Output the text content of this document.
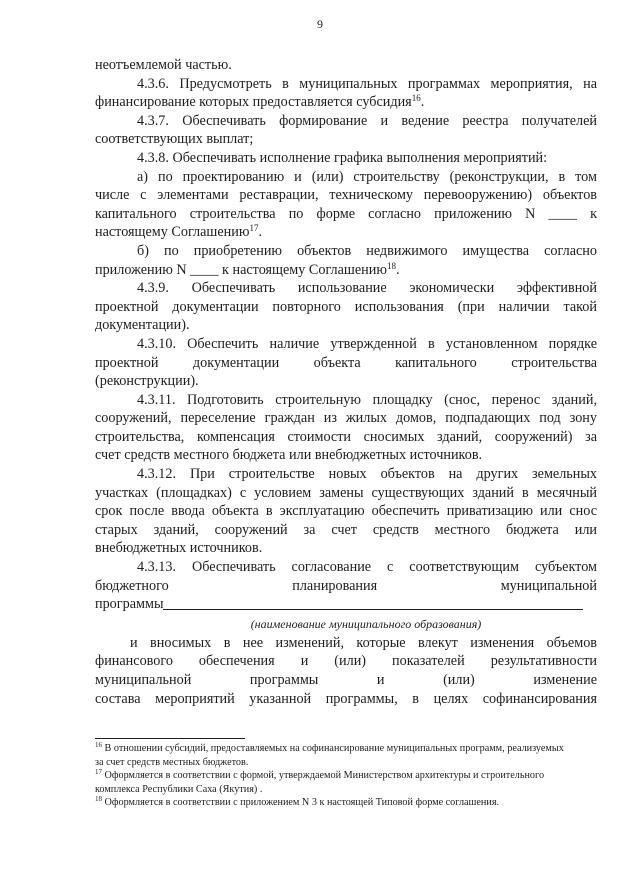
9
неотъемлемой частью.
4.3.6. Предусмотреть в муниципальных программах мероприятия, на
финансирование которых предоставляется субсидия$^{16}$.
4.3.7. Обеспечивать формирование и ведение реестра получателей
соответствующих выплат;
4.3.8. Обеспечивать исполнение графика выполнения мероприятий:
а) по проектированию и (или) строительству (реконструкции, в том
числе с элементами реставрации, техническому перевооружению) объектов
капитального строительства по форме согласно приложению N ____ к
настоящему Соглашению$^{17}$.
б) по приобретению объектов недвижимого имущества согласно
приложению N ____ к настоящему Соглашению$^{18}$.
4.3.9. Обеспечивать использование экономически эффективной
проектной документации повторного использования (при наличии такой
документации).
4.3.10. Обеспечить наличие утвержденной в установленном порядке
проектной документации объекта капитального строительства
(реконструкции).
4.3.11. Подготовить строительную площадку (снос, перенос зданий,
сооружений, переселение граждан из жилых домов, подпадающих под зону
строительства, компенсация стоимости сносимых зданий, сооружений) за
счет средств местного бюджета или внебюджетных источников.
4.3.12. При строительстве новых объектов на других земельных
участках (площадках) с условием замены существующих зданий в месячный
срок после ввода объекта в эксплуатацию обеспечить приватизацию или снос
старых зданий, сооружений за счет средств местного бюджета или
внебюджетных источников.
4.3.13. Обеспечивать согласование с соответствующим субъектом
бюджетного планирования муниципальной
программы
(наименование муниципального образования)
и вносимых в нее изменений, которые влекут изменения объемов
финансового обеспечения и (или) показателей результативности
муниципальной программы и (или) изменение
состава мероприятий указанной программы, в целях софинансирования
$^{16}$ В отношении субсидий, предоставляемых на софинансирование муниципальных программ, реализуемых
за счет средств местных бюджетов.
$^{17}$ Оформляется в соответствии с формой, утверждаемой Министерством архитектуры и строительного
комплекса Республики Саха (Якутия) .
$^{18}$ Оформляется в соответствии с приложением N 3 к настоящей Типовой форме соглашения.
